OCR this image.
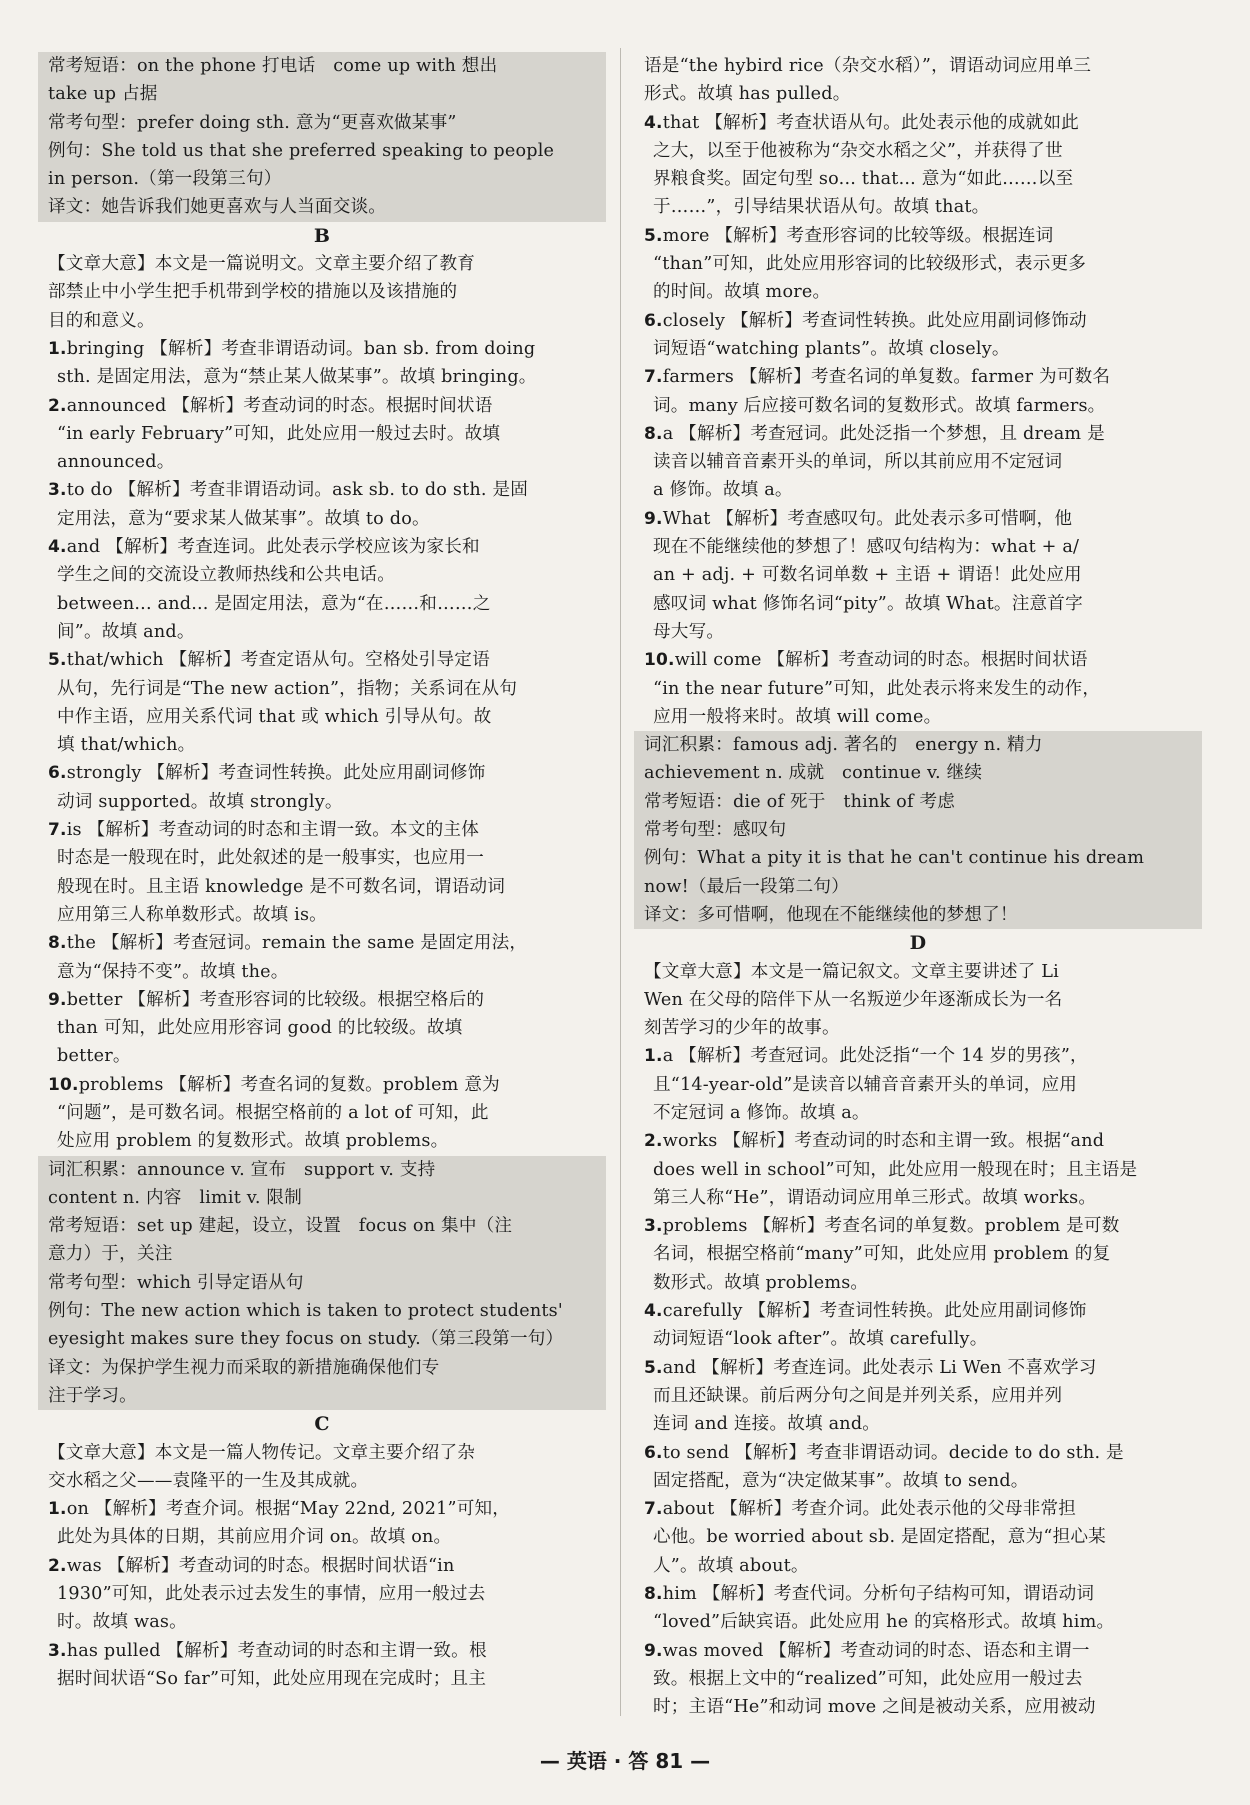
常考短语：on the phone 打电话　come up with 想出

take up 占据

常考句型：prefer doing sth. 意为“更喜欢做某事”

例句：She told us that she preferred speaking to people

in person.（第一段第三句）

译文：她告诉我们她更喜欢与人当面交谈。

B

【文章大意】本文是一篇说明文。文章主要介绍了教育

部禁止中小学生把手机带到学校的措施以及该措施的

目的和意义。

1.bringing 【解析】考查非谓语动词。ban sb. from doing

sth. 是固定用法，意为“禁止某人做某事”。故填 bringing。

2.announced 【解析】考查动词的时态。根据时间状语

“in early February”可知，此处应用一般过去时。故填

announced。

3.to do 【解析】考查非谓语动词。ask sb. to do sth. 是固

定用法，意为“要求某人做某事”。故填 to do。

4.and 【解析】考查连词。此处表示学校应该为家长和

学生之间的交流设立教师热线和公共电话。

between... and... 是固定用法，意为“在……和……之

间”。故填 and。

5.that/which 【解析】考查定语从句。空格处引导定语

从句，先行词是“The new action”，指物；关系词在从句

中作主语，应用关系代词 that 或 which 引导从句。故

填 that/which。

6.strongly 【解析】考查词性转换。此处应用副词修饰

动词 supported。故填 strongly。

7.is 【解析】考查动词的时态和主谓一致。本文的主体

时态是一般现在时，此处叙述的是一般事实，也应用一

般现在时。且主语 knowledge 是不可数名词，谓语动词

应用第三人称单数形式。故填 is。

8.the 【解析】考查冠词。remain the same 是固定用法，

意为“保持不变”。故填 the。

9.better 【解析】考查形容词的比较级。根据空格后的

than 可知，此处应用形容词 good 的比较级。故填

better。

10.problems 【解析】考查名词的复数。problem 意为

“问题”，是可数名词。根据空格前的 a lot of 可知，此

处应用 problem 的复数形式。故填 problems。

词汇积累：announce v. 宣布　support v. 支持

content n. 内容　limit v. 限制

常考短语：set up 建起，设立，设置　focus on 集中（注

意力）于，关注

常考句型：which 引导定语从句

例句：The new action which is taken to protect students'

eyesight makes sure they focus on study.（第三段第一句）

译文：为保护学生视力而采取的新措施确保他们专

注于学习。

C

【文章大意】本文是一篇人物传记。文章主要介绍了杂

交水稻之父——袁隆平的一生及其成就。

1.on 【解析】考查介词。根据“May 22nd, 2021”可知，

此处为具体的日期，其前应用介词 on。故填 on。

2.was 【解析】考查动词的时态。根据时间状语“in

1930”可知，此处表示过去发生的事情，应用一般过去

时。故填 was。

3.has pulled 【解析】考查动词的时态和主谓一致。根

据时间状语“So far”可知，此处应用现在完成时；且主

语是“the hybird rice（杂交水稻）”，谓语动词应用单三

形式。故填 has pulled。

4.that 【解析】考查状语从句。此处表示他的成就如此

之大，以至于他被称为“杂交水稻之父”，并获得了世

界粮食奖。固定句型 so... that... 意为“如此……以至

于……”，引导结果状语从句。故填 that。

5.more 【解析】考查形容词的比较等级。根据连词

“than”可知，此处应用形容词的比较级形式，表示更多

的时间。故填 more。

6.closely 【解析】考查词性转换。此处应用副词修饰动

词短语“watching plants”。故填 closely。

7.farmers 【解析】考查名词的单复数。farmer 为可数名

词。many 后应接可数名词的复数形式。故填 farmers。

8.a 【解析】考查冠词。此处泛指一个梦想，且 dream 是

读音以辅音音素开头的单词，所以其前应用不定冠词

a 修饰。故填 a。

9.What 【解析】考查感叹句。此处表示多可惜啊，他

现在不能继续他的梦想了！感叹句结构为：what + a/

an + adj. + 可数名词单数 + 主语 + 谓语！此处应用

感叹词 what 修饰名词“pity”。故填 What。注意首字

母大写。

10.will come 【解析】考查动词的时态。根据时间状语

“in the near future”可知，此处表示将来发生的动作，

应用一般将来时。故填 will come。

词汇积累：famous adj. 著名的　energy n. 精力

achievement n. 成就　continue v. 继续

常考短语：die of 死于　think of 考虑

常考句型：感叹句

例句：What a pity it is that he can't continue his dream

now!（最后一段第二句）

译文：多可惜啊，他现在不能继续他的梦想了！

D

【文章大意】本文是一篇记叙文。文章主要讲述了 Li

Wen 在父母的陪伴下从一名叛逆少年逐渐成长为一名

刻苦学习的少年的故事。

1.a 【解析】考查冠词。此处泛指“一个 14 岁的男孩”，

且“14-year-old”是读音以辅音音素开头的单词，应用

不定冠词 a 修饰。故填 a。

2.works 【解析】考查动词的时态和主谓一致。根据“and

does well in school”可知，此处应用一般现在时；且主语是

第三人称“He”，谓语动词应用单三形式。故填 works。

3.problems 【解析】考查名词的单复数。problem 是可数

名词，根据空格前“many”可知，此处应用 problem 的复

数形式。故填 problems。

4.carefully 【解析】考查词性转换。此处应用副词修饰

动词短语“look after”。故填 carefully。

5.and 【解析】考查连词。此处表示 Li Wen 不喜欢学习

而且还缺课。前后两分句之间是并列关系，应用并列

连词 and 连接。故填 and。

6.to send 【解析】考查非谓语动词。decide to do sth. 是

固定搭配，意为“决定做某事”。故填 to send。

7.about 【解析】考查介词。此处表示他的父母非常担

心他。be worried about sb. 是固定搭配，意为“担心某

人”。故填 about。

8.him 【解析】考查代词。分析句子结构可知，谓语动词

“loved”后缺宾语。此处应用 he 的宾格形式。故填 him。

9.was moved 【解析】考查动词的时态、语态和主谓一

致。根据上文中的“realized”可知，此处应用一般过去

时；主语“He”和动词 move 之间是被动关系，应用被动

— 英语 · 答 81 —
